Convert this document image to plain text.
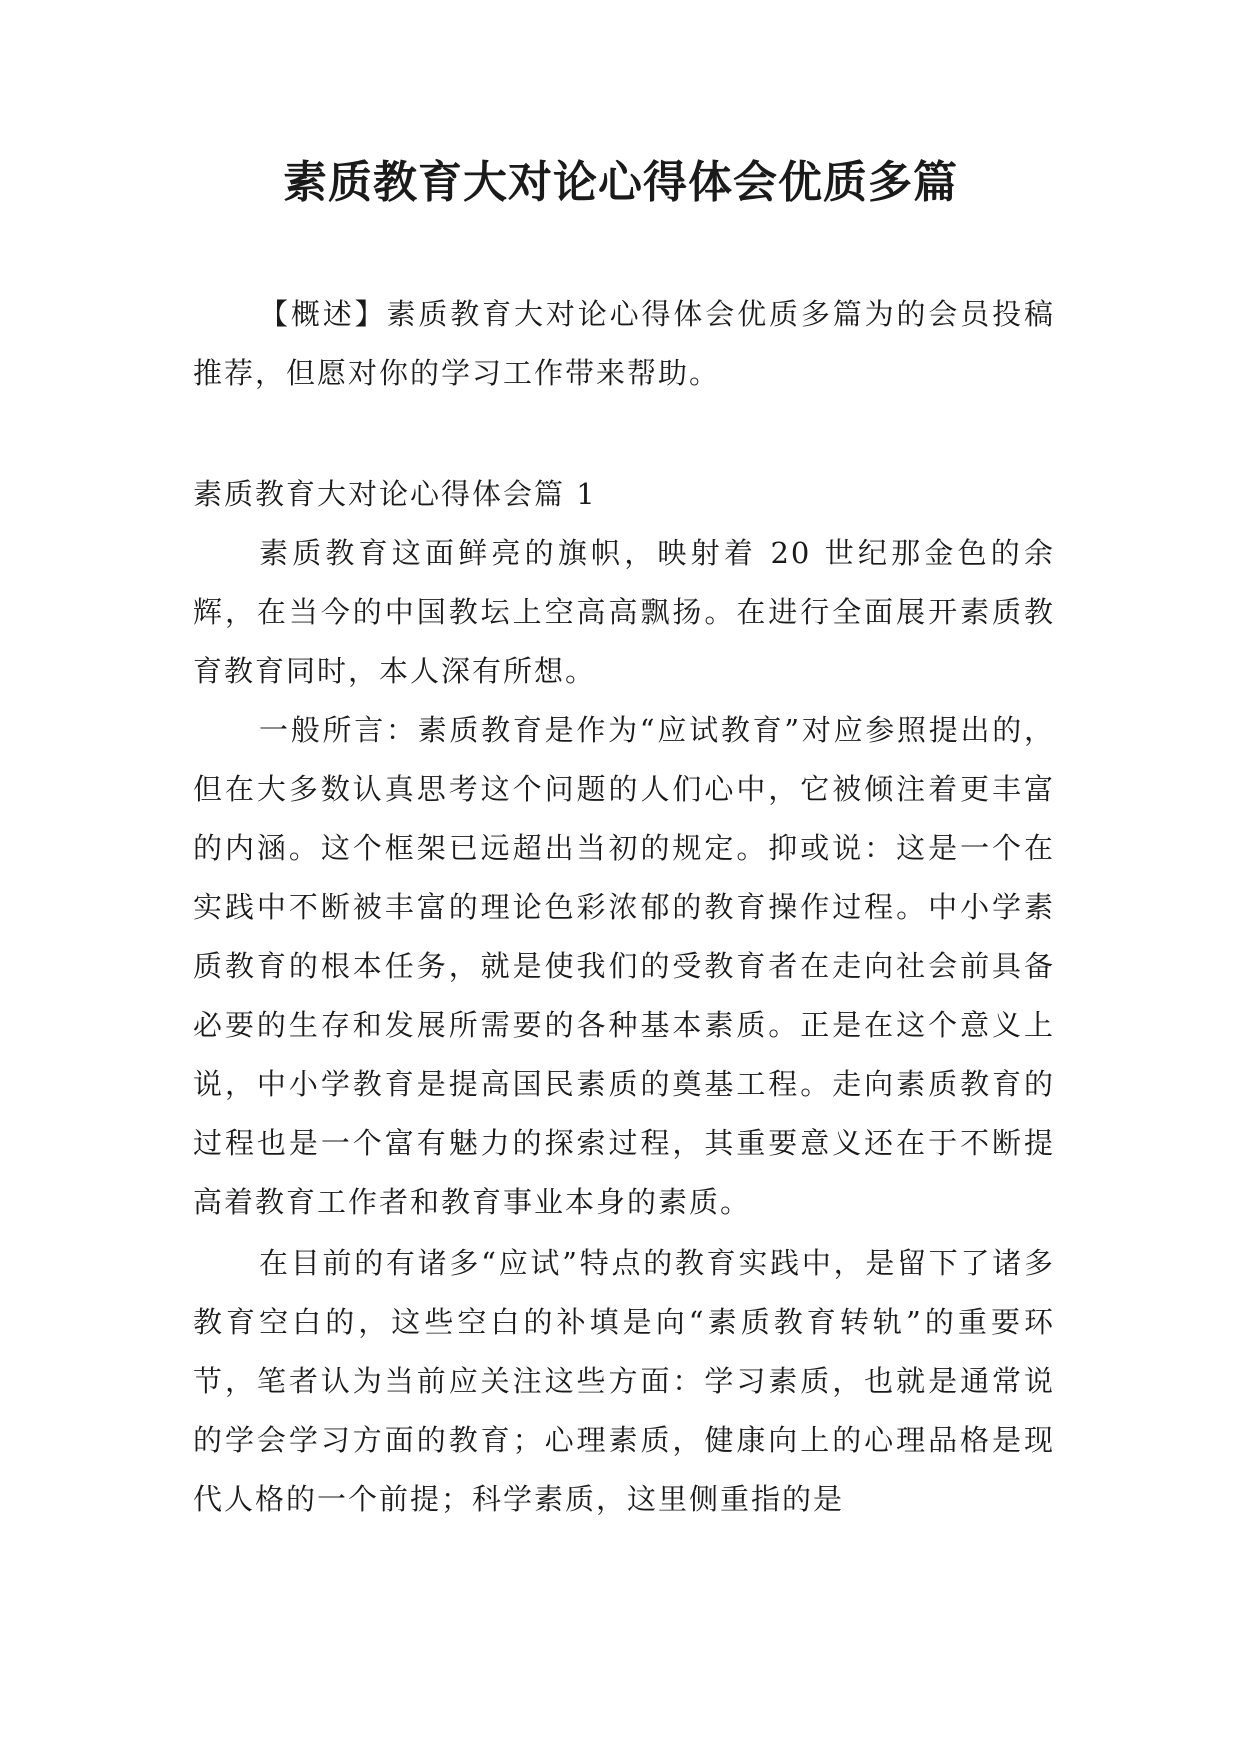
素质教育大对论心得体会优质多篇

【概述】素质教育大对论心得体会优质多篇为的会员投稿推荐，但愿对你的学习工作带来帮助。

素质教育大对论心得体会篇 1

素质教育这面鲜亮的旗帜，映射着 20 世纪那金色的余辉，在当今的中国教坛上空高高飘扬。在进行全面展开素质教育教育同时，本人深有所想。

一般所言：素质教育是作为“应试教育”对应参照提出的，但在大多数认真思考这个问题的人们心中，它被倾注着更丰富的内涵。这个框架已远超出当初的规定。抑或说：这是一个在实践中不断被丰富的理论色彩浓郁的教育操作过程。中小学素质教育的根本任务，就是使我们的受教育者在走向社会前具备必要的生存和发展所需要的各种基本素质。正是在这个意义上说，中小学教育是提高国民素质的奠基工程。走向素质教育的过程也是一个富有魅力的探索过程，其重要意义还在于不断提高着教育工作者和教育事业本身的素质。

在目前的有诸多“应试”特点的教育实践中，是留下了诸多教育空白的，这些空白的补填是向“素质教育转轨”的重要环节，笔者认为当前应关注这些方面：学习素质，也就是通常说的学会学习方面的教育；心理素质，健康向上的心理品格是现代人格的一个前提；科学素质，这里侧重指的是
